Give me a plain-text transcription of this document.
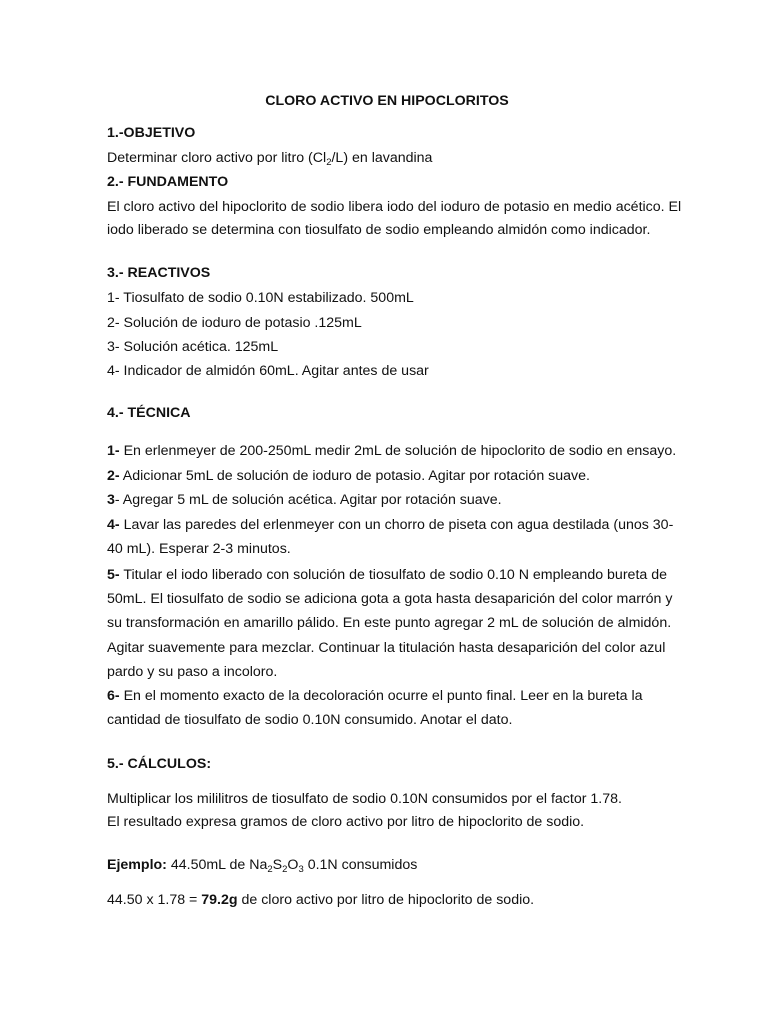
CLORO ACTIVO EN HIPOCLORITOS
1.-OBJETIVO
Determinar cloro activo por litro $(Cl_2/L)$ en lavandina
2.- FUNDAMENTO
El cloro activo del hipoclorito de sodio libera iodo del ioduro de potasio en medio acético. El
iodo liberado se determina con tiosulfato de sodio empleando almidón como indicador.
3.- REACTIVOS
1- Tiosulfato de sodio 0.10N estabilizado. 500mL
2- Solución de ioduro de potasio .125mL
3- Solución acética. 125mL
4- Indicador de almidón 60mL. Agitar antes de usar
4.- TÉCNICA
1- En erlenmeyer de 200-250mL medir 2mL de solución de hipoclorito de sodio en ensayo.
2- Adicionar 5mL de solución de ioduro de potasio. Agitar por rotación suave.
3- Agregar 5 mL de solución acética. Agitar por rotación suave.
4- Lavar las paredes del erlenmeyer con un chorro de piseta con agua destilada (unos 30-
40 mL). Esperar 2-3 minutos.
5- Titular el iodo liberado con solución de tiosulfato de sodio 0.10 N empleando bureta de
50mL. El tiosulfato de sodio se adiciona gota a gota hasta desaparición del color marrón y
su transformación en amarillo pálido. En este punto agregar 2 mL de solución de almidón.
Agitar suavemente para mezclar. Continuar la titulación hasta desaparición del color azul
pardo y su paso a incoloro.
6- En el momento exacto de la decoloración ocurre el punto final. Leer en la bureta la
cantidad de tiosulfato de sodio 0.10N consumido. Anotar el dato.
5.- CÁLCULOS:
Multiplicar los mililitros de tiosulfato de sodio 0.10N consumidos por el factor 1.78.
El resultado expresa gramos de cloro activo por litro de hipoclorito de sodio.
Ejemplo: 44.50mL de $Na_2S_2O_3$ 0.1N consumidos
44.50 x 1.78 = 79.2g de cloro activo por litro de hipoclorito de sodio.
